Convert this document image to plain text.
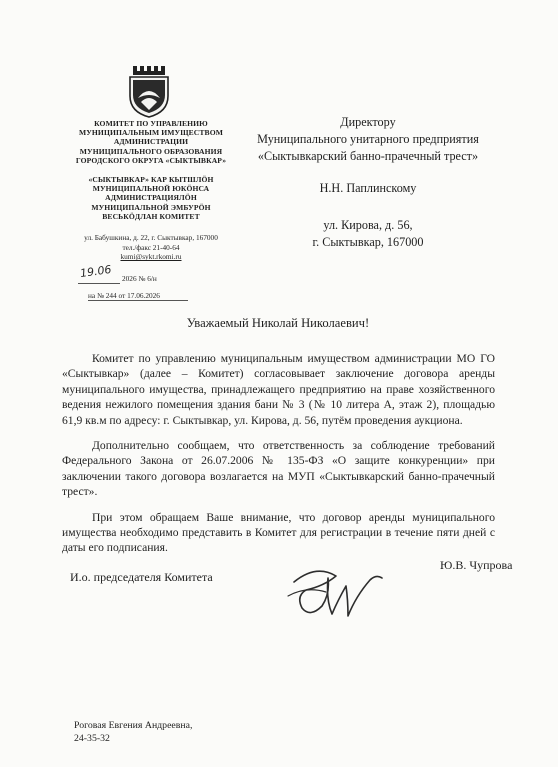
КОМИТЕТ ПО УПРАВЛЕНИЮ
МУНИЦИПАЛЬНЫМ ИМУЩЕСТВОМ
АДМИНИСТРАЦИИ
МУНИЦИПАЛЬНОГО ОБРАЗОВАНИЯ
ГОРОДСКОГО ОКРУГА «СЫКТЫВКАР»
«СЫКТЫВКАР» КАР КЫТШЛӦН
МУНИЦИПАЛЬНОЙ ЮКӦНСА
АДМИНИСТРАЦИЯЛӦН
МУНИЦИПАЛЬНОЙ ЭМБУРӦН
ВЕСЬКӦДЛАН КОМИТЕТ
ул. Бабушкина, д. 22, г. Сыктывкар, 167000
тел./факс 21-40-64
kumi@sykt.rkomi.ru
19.06 2026 № 6/н
на № 244 от 17.06.2026
Директору
Муниципального унитарного предприятия
«Сыктывкарский банно-прачечный трест»
Н.Н. Паплинскому
ул. Кирова, д. 56,
г. Сыктывкар, 167000
Уважаемый Николай Николаевич!

Комитет по управлению муниципальным имуществом администрации МО ГО «Сыктывкар» (далее – Комитет) согласовывает заключение договора аренды муниципального имущества, принадлежащего предприятию на праве хозяйственного ведения нежилого помещения здания бани № 3 (№ 10 литера А, этаж 2), площадью 61,9 кв.м по адресу: г. Сыктывкар, ул. Кирова, д. 56, путём проведения аукциона.

Дополнительно сообщаем, что ответственность за соблюдение требований Федерального Закона от 26.07.2006 № 135-ФЗ «О защите конкуренции» при заключении такого договора возлагается на МУП «Сыктывкарский банно-прачечный трест».

При этом обращаем Ваше внимание, что договор аренды муниципального имущества необходимо представить в Комитет для регистрации в течение пяти дней с даты его подписания.

И.о. председателя Комитета
Ю.В. Чупрова
Роговая Евгения Андреевна,
24-35-32
